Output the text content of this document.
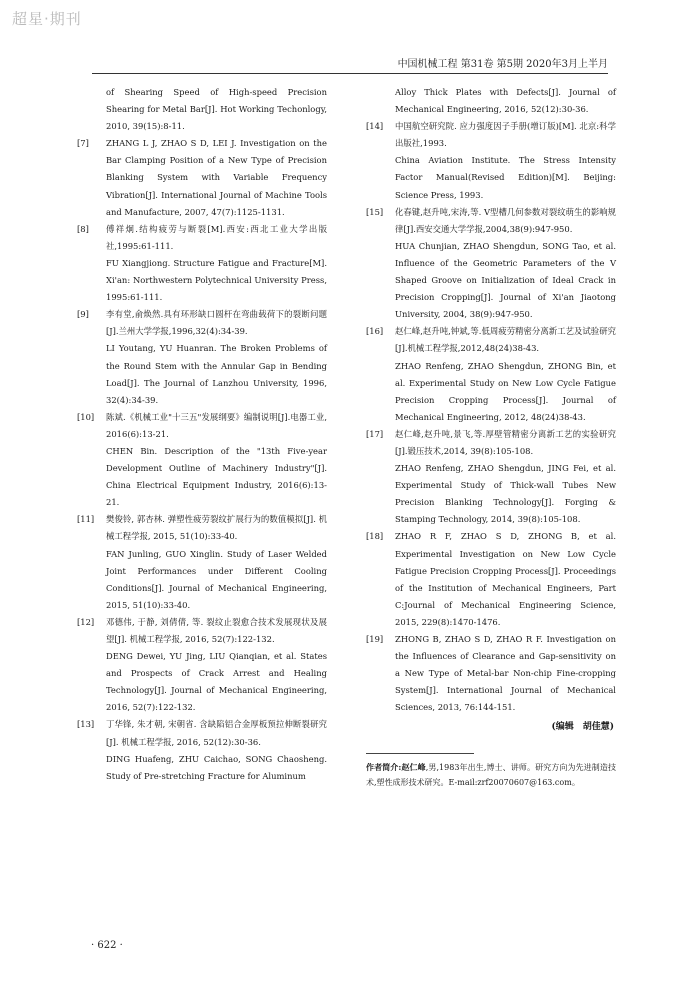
超星·期刊
中国机械工程 第31卷 第5期 2020年3月上半月

of Shearing Speed of High-speed Precision Shearing for Metal Bar[J]. Hot Working Techonlogy, 2010, 39(15):8-11.

[7] ZHANG L J, ZHAO S D, LEI J. Investigation on the Bar Clamping Position of a New Type of Precision Blanking System with Variable Frequency Vibration[J]. International Journal of Machine Tools and Manufacture, 2007, 47(7):1125-1131.

[8] 傅祥炯.结构疲劳与断裂[M].西安:西北工业大学出版社,1995:61-111.

FU Xiangjiong. Structure Fatigue and Fracture[M]. Xi'an: Northwestern Polytechnical University Press, 1995:61-111.

[9] 李有堂,俞焕然.具有环形缺口圆杆在弯曲载荷下的裂断问题[J].兰州大学学报,1996,32(4):34-39.

LI Youtang, YU Huanran. The Broken Problems of the Round Stem with the Annular Gap in Bending Load[J]. The Journal of Lanzhou University, 1996, 32(4):34-39.

[10] 陈斌.《机械工业"十三五"发展纲要》编制说明[J].电器工业, 2016(6):13-21.

CHEN Bin. Description of the "13th Five-year Development Outline of Machinery Industry"[J]. China Electrical Equipment Industry, 2016(6):13-21.

[11] 樊俊铃, 郭杏林. 弹塑性疲劳裂纹扩展行为的数值模拟[J]. 机械工程学报, 2015, 51(10):33-40.

FAN Junling, GUO Xinglin. Study of Laser Welded Joint Performances under Different Cooling Conditions[J]. Journal of Mechanical Engineering, 2015, 51(10):33-40.

[12] 邓德伟, 于静, 刘倩倩, 等. 裂纹止裂愈合技术发展现状及展望[J]. 机械工程学报, 2016, 52(7):122-132.

DENG Dewei, YU Jing, LIU Qianqian, et al. States and Prospects of Crack Arrest and Healing Technology[J]. Journal of Mechanical Engineering, 2016, 52(7):122-132.

[13] 丁华锋, 朱才朝, 宋朝省. 含缺陷铝合金厚板预拉伸断裂研究[J]. 机械工程学报, 2016, 52(12):30-36.

DING Huafeng, ZHU Caichao, SONG Chaosheng. Study of Pre-stretching Fracture for Aluminum

Alloy Thick Plates with Defects[J]. Journal of Mechanical Engineering, 2016, 52(12):30-36.

[14] 中国航空研究院. 应力强度因子手册(增订版)[M]. 北京:科学出版社,1993.

China Aviation Institute. The Stress Intensity Factor Manual(Revised Edition)[M]. Beijing: Science Press, 1993.

[15] 化春键,赵升吨,宋涛,等. V型槽几何参数对裂纹萌生的影响规律[J].西安交通大学学报,2004,38(9):947-950.

HUA Chunjian, ZHAO Shengdun, SONG Tao, et al. Influence of the Geometric Parameters of the V Shaped Groove on Initialization of Ideal Crack in Precision Cropping[J]. Journal of Xi'an Jiaotong University, 2004, 38(9):947-950.

[16] 赵仁峰,赵升吨,钟斌,等.低周疲劳精密分离新工艺及试验研究[J].机械工程学报,2012,48(24)38-43.

ZHAO Renfeng, ZHAO Shengdun, ZHONG Bin, et al. Experimental Study on New Low Cycle Fatigue Precision Cropping Process[J]. Journal of Mechanical Engineering, 2012, 48(24)38-43.

[17] 赵仁峰,赵升吨,景飞,等.厚壁管精密分离新工艺的实验研究[J].锻压技术,2014, 39(8):105-108.

ZHAO Renfeng, ZHAO Shengdun, JING Fei, et al. Experimental Study of Thick-wall Tubes New Precision Blanking Technology[J]. Forging & Stamping Technology, 2014, 39(8):105-108.

[18] ZHAO R F, ZHAO S D, ZHONG B, et al. Experimental Investigation on New Low Cycle Fatigue Precision Cropping Process[J]. Proceedings of the Institution of Mechanical Engineers, Part C:Journal of Mechanical Engineering Science, 2015, 229(8):1470-1476.

[19] ZHONG B, ZHAO S D, ZHAO R F. Investigation on the Influences of Clearance and Gap-sensitivity on a New Type of Metal-bar Non-chip Fine-cropping System[J]. International Journal of Mechanical Sciences, 2013, 76:144-151.

(编辑　胡佳慧)
作者简介:赵仁峰,男,1983年出生,博士、讲师。研究方向为先进制造技术,塑性成形技术研究。E-mail:zrf20070607@163.com。
· 622 ·
